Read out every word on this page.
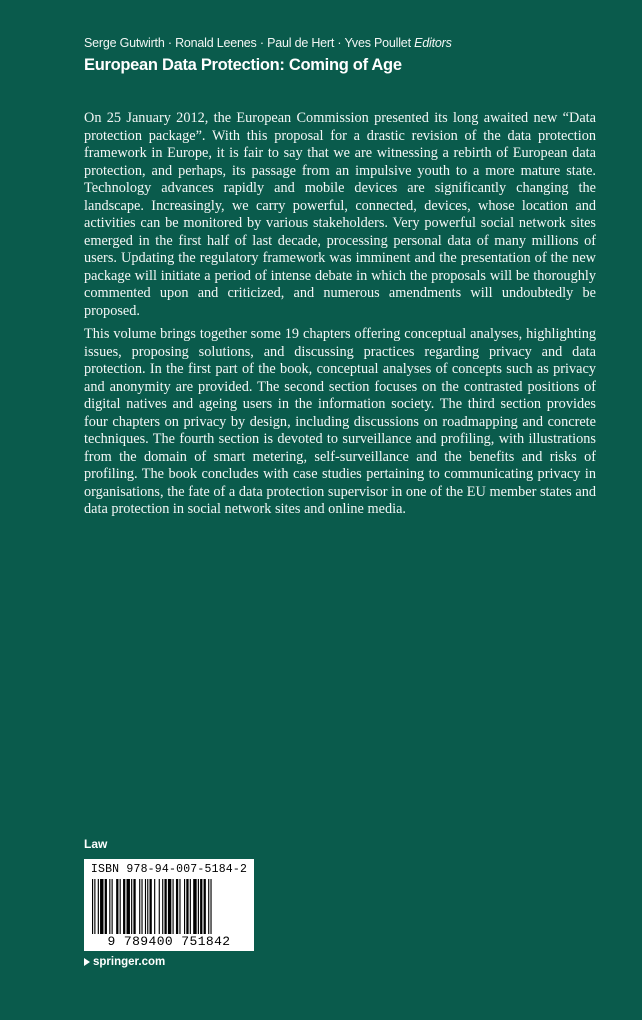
Serge Gutwirth · Ronald Leenes · Paul de Hert · Yves Poullet Editors
European Data Protection: Coming of Age

On 25 January 2012, the European Commission presented its long awaited new “Data protection package”. With this proposal for a drastic revision of the data protection framework in Europe, it is fair to say that we are witnessing a rebirth of European data protection, and perhaps, its passage from an impulsive youth to a more mature state. Technology advances rapidly and mobile devices are significantly changing the landscape. Increasingly, we carry powerful, connected, devices, whose location and activities can be monitored by various stakeholders. Very powerful social network sites emerged in the first half of last decade, processing personal data of many millions of users. Updating the regulatory framework was imminent and the presentation of the new package will initiate a period of intense debate in which the proposals will be thoroughly commented upon and criticized, and numerous amendments will undoubtedly be proposed.

This volume brings together some 19 chapters offering conceptual analyses, highlighting issues, proposing solutions, and discussing practices regarding privacy and data protection. In the first part of the book, conceptual analyses of concepts such as privacy and anonymity are provided. The second section focuses on the contrasted positions of digital natives and ageing users in the information society. The third section provides four chapters on privacy by design, including discussions on roadmapping and concrete techniques. The fourth section is devoted to surveillance and profiling, with illustrations from the domain of smart metering, self-surveillance and the benefits and risks of profiling. The book concludes with case studies pertaining to communicating privacy in organisations, the fate of a data protection supervisor in one of the EU member states and data protection in social network sites and online media.

Law
ISBN 978-94-007-5184-2
9 789400 751842
springer.com
